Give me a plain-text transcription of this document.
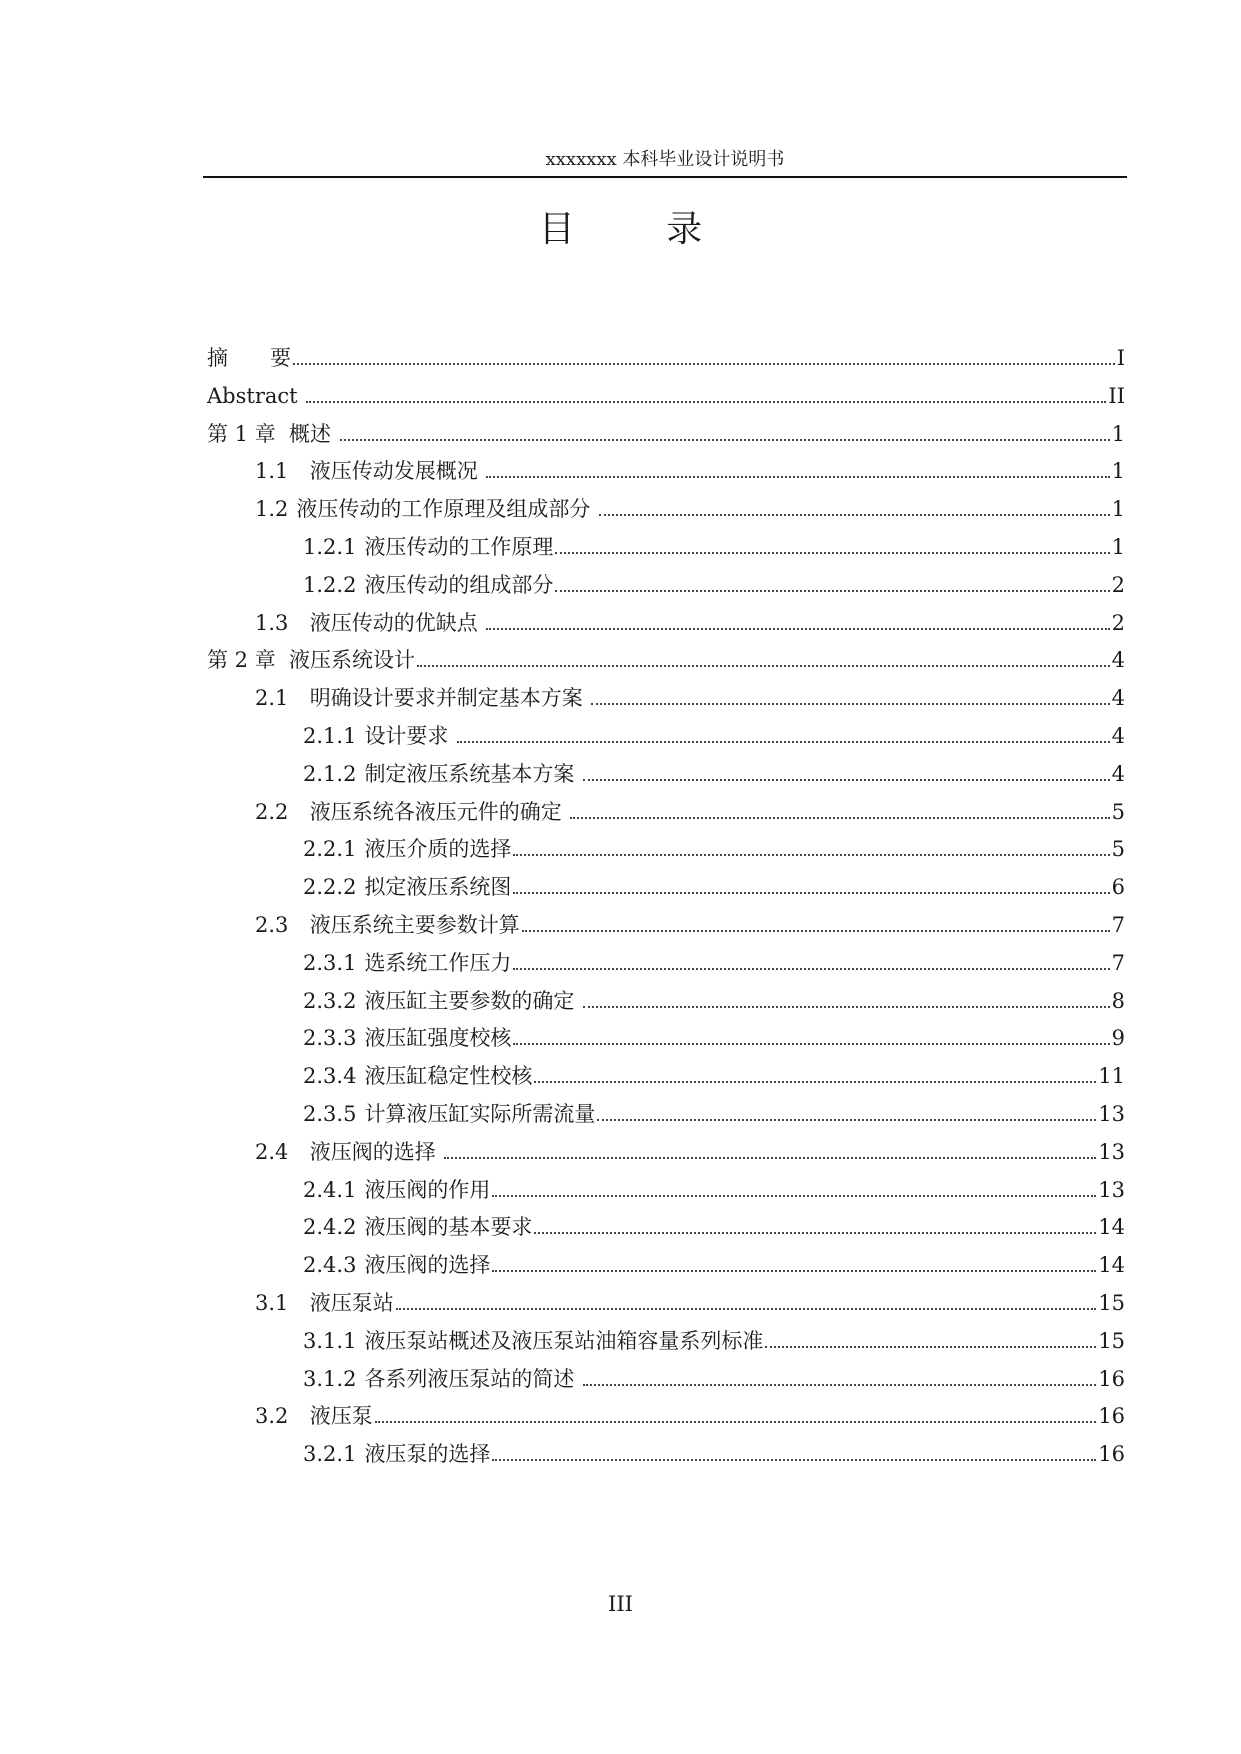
xxxxxxx 本科毕业设计说明书
目 录
摘　　要	I
Abstract	II
第 1 章  概述	1
1.1 液压传动发展概况	1
1.2 液压传动的工作原理及组成部分	1
1.2.1 液压传动的工作原理	1
1.2.2 液压传动的组成部分	2
1.3 液压传动的优缺点	2
第 2 章  液压系统设计	4
2.1 明确设计要求并制定基本方案	4
2.1.1 设计要求	4
2.1.2 制定液压系统基本方案	4
2.2 液压系统各液压元件的确定	5
2.2.1 液压介质的选择	5
2.2.2 拟定液压系统图	6
2.3 液压系统主要参数计算	7
2.3.1 选系统工作压力	7
2.3.2 液压缸主要参数的确定	8
2.3.3 液压缸强度校核	9
2.3.4 液压缸稳定性校核	11
2.3.5 计算液压缸实际所需流量	13
2.4 液压阀的选择	13
2.4.1 液压阀的作用	13
2.4.2 液压阀的基本要求	14
2.4.3 液压阀的选择	14
3.1 液压泵站	15
3.1.1 液压泵站概述及液压泵站油箱容量系列标准	15
3.1.2 各系列液压泵站的简述	16
3.2 液压泵	16
3.2.1 液压泵的选择	16
III
